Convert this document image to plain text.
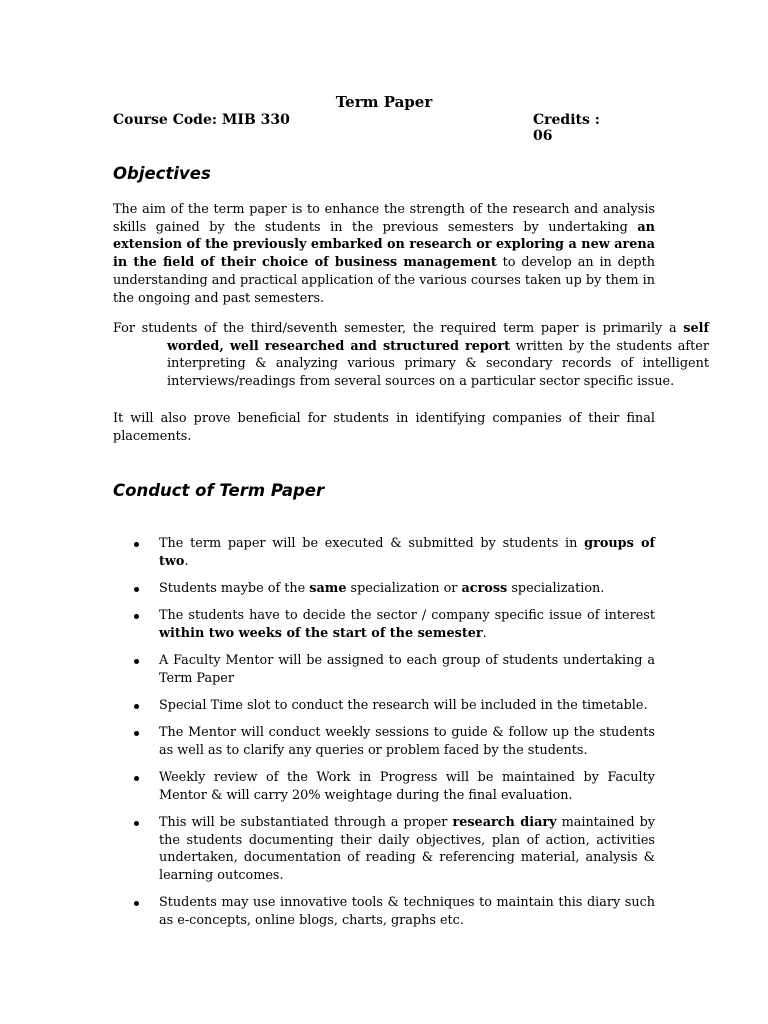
Term Paper
Course Code: MIB 330	Credits : 06
Objectives

The aim of the term paper is to enhance the strength of the research and analysis skills gained by the students in the previous semesters by undertaking an extension of the previously embarked on research or exploring a new arena in the field of their choice of business management to develop an in depth understanding and practical application of the various courses taken up by them in the ongoing and past semesters.

For students of the third/seventh semester, the required term paper is primarily a self worded, well researched and structured report written by the students after interpreting & analyzing various primary & secondary records of intelligent interviews/readings from several sources on a particular sector specific issue.

It will also prove beneficial for students in identifying companies of their final placements.

Conduct of Term Paper
The term paper will be executed & submitted by students in groups of two.
Students maybe of the same specialization or across specialization.
The students have to decide the sector / company specific issue of interest within two weeks of the start of the semester.
A Faculty Mentor will be assigned to each group of students undertaking a Term Paper
Special Time slot to conduct the research will be included in the timetable.
The Mentor will conduct weekly sessions to guide & follow up the students as well as to clarify any queries or problem faced by the students.
Weekly review of the Work in Progress will be maintained by Faculty Mentor & will carry 20% weightage during the final evaluation.
This will be substantiated through a proper research diary maintained by the students documenting their daily objectives, plan of action, activities undertaken, documentation of reading & referencing material, analysis & learning outcomes.
Students may use innovative tools & techniques to maintain this diary such as e-concepts, online blogs, charts, graphs etc.
